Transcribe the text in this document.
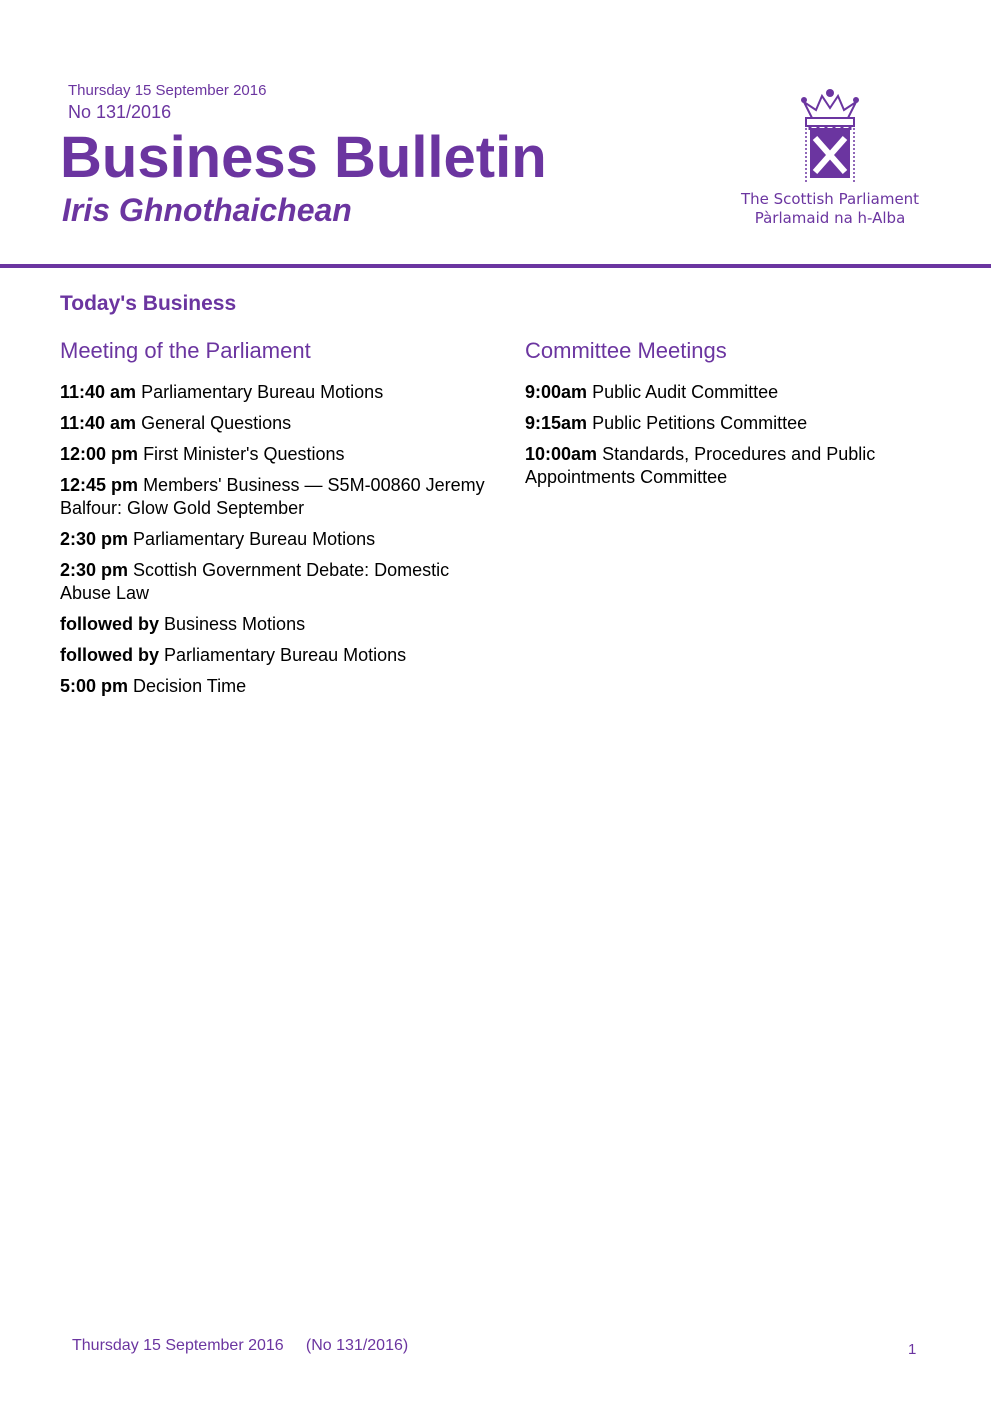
Thursday 15 September 2016
No 131/2016
Business Bulletin
Iris Ghnothaichean	The Scottish Parliament
Pàrlamaid na h-Alba
Today's Business
Meeting of the Parliament
11:40 am Parliamentary Bureau Motions
11:40 am General Questions
12:00 pm First Minister's Questions
12:45 pm Members' Business — S5M-00860 Jeremy Balfour: Glow Gold September
2:30 pm Parliamentary Bureau Motions
2:30 pm Scottish Government Debate: Domestic Abuse Law
followed by Business Motions
followed by Parliamentary Bureau Motions
5:00 pm Decision Time
Committee Meetings
9:00am Public Audit Committee
9:15am Public Petitions Committee
10:00am Standards, Procedures and Public Appointments Committee
Thursday 15 September 2016     (No 131/2016)	1
